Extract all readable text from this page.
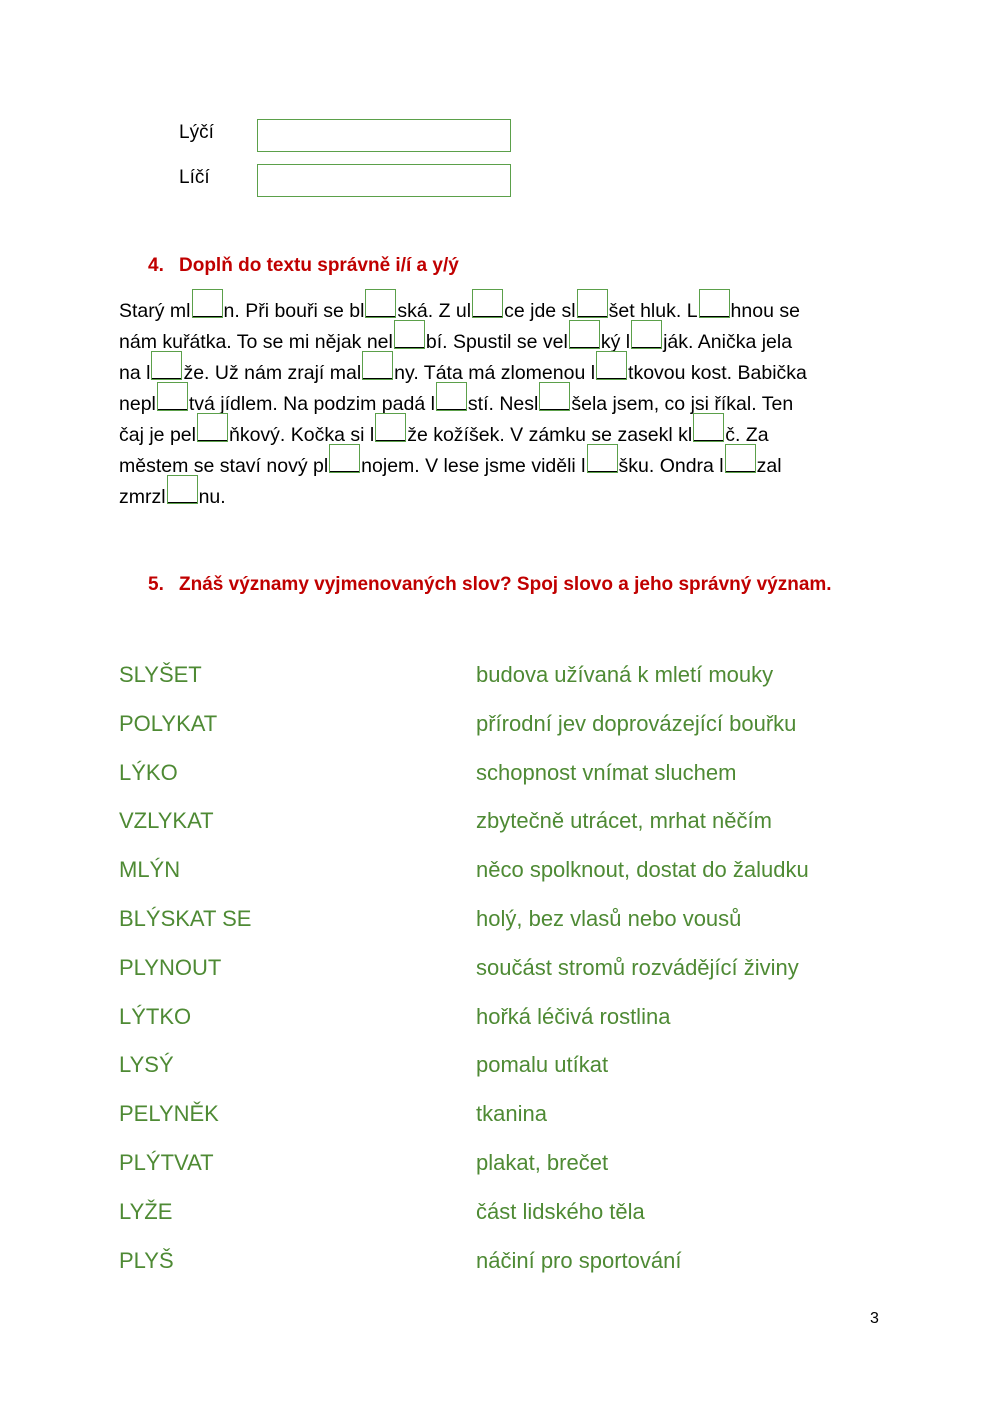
Lýčí
Líčí
4. Doplň do textu správně i/í a y/ý
Starý ml n. Při bouři se bl ská. Z ul ce jde sl šet hluk. L hnou se
nám kuřátka. To se mi nějak nel bí. Spustil se vel ký l ják. Anička jela
na l že. Už nám zrají mal ny. Táta má zlomenou l tkovou kost. Babička
nepl tvá jídlem. Na podzim padá l stí. Nesl šela jsem, co jsi říkal. Ten
čaj je pel ňkový. Kočka si l že kožíšek. V zámku se zasekl kl č. Za
městem se staví nový pl nojem. V lese jsme viděli l šku. Ondra l zal
zmrzl nu.
5. Znáš významy vyjmenovaných slov? Spoj slovo a jeho správný význam.
SLYŠET
POLYKAT
LÝKO
VZLYKAT
MLÝN
BLÝSKAT SE
PLYNOUT
LÝTKO
LYSÝ
PELYNĚK
PLÝTVAT
LYŽE
PLYŠ
budova užívaná k mletí mouky
přírodní jev doprovázející bouřku
schopnost vnímat sluchem
zbytečně utrácet, mrhat něčím
něco spolknout, dostat do žaludku
holý, bez vlasů nebo vousů
součást stromů rozvádějící živiny
hořká léčivá rostlina
pomalu utíkat
tkanina
plakat, brečet
část lidského těla
náčiní pro sportování
3
